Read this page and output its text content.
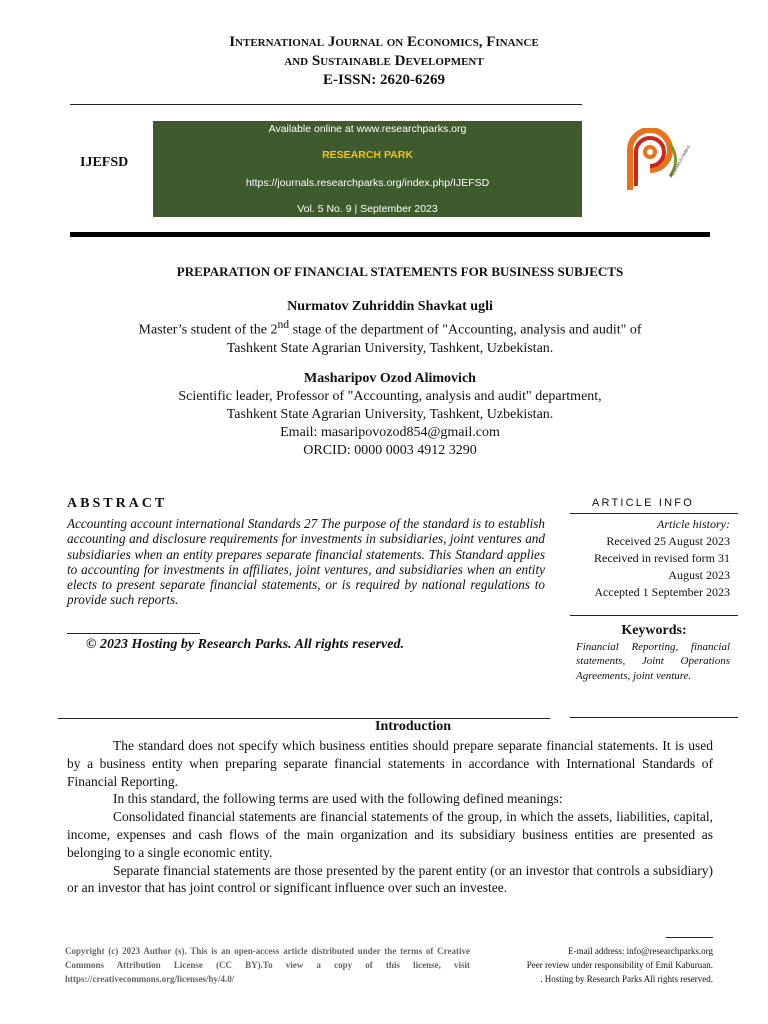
International Journal on Economics, Finance
and Sustainable Development
E-ISSN: 2620-6269
IJEFSD
Available online at www.researchparks.org
RESEARCH PARK
https://journals.researchparks.org/index.php/IJEFSD
Vol. 5 No. 9 | September 2023
RESEARCH PARKS
PREPARATION OF FINANCIAL STATEMENTS FOR BUSINESS SUBJECTS
Nurmatov Zuhriddin Shavkat ugli
Master’s student of the 2nd stage of the department of "Accounting, analysis and audit" of
Tashkent State Agrarian University, Tashkent, Uzbekistan.
Masharipov Ozod Alimovich
Scientific leader, Professor of "Accounting, analysis and audit" department,
Tashkent State Agrarian University, Tashkent, Uzbekistan.
Email: masaripovozod854@gmail.com
ORCID: 0000 0003 4912 3290
ABSTRACT
Accounting account international Standards 27 The purpose of the standard is to establish accounting and disclosure requirements for investments in subsidiaries, joint ventures and subsidiaries when an entity prepares separate financial statements. This Standard applies to accounting for investments in affiliates, joint ventures, and subsidiaries when an entity elects to present separate financial statements, or is required by national regulations to provide such reports.
© 2023 Hosting by Research Parks. All rights reserved.
ARTICLE INFO
Article history:
Received 25 August 2023
Received in revised form 31
August 2023
Accepted 1 September 2023
Keywords:
Financial Reporting, financial statements, Joint Operations Agreements, joint venture.
Introduction

The standard does not specify which business entities should prepare separate financial statements. It is used by a business entity when preparing separate financial statements in accordance with International Standards of Financial Reporting.

In this standard, the following terms are used with the following defined meanings:

Consolidated financial statements are financial statements of the group, in which the assets, liabilities, capital, income, expenses and cash flows of the main organization and its subsidiary business entities are presented as belonging to a single economic entity.

Separate financial statements are those presented by the parent entity (or an investor that controls a subsidiary) or an investor that has joint control or significant influence over such an investee.

Copyright (c) 2023 Author (s). This is an open-access article distributed under the terms of Creative Commons Attribution License (CC BY).To view a copy of this license, visit https://creativecommons.org/licenses/by/4.0/
E-mail address: info@researchparks.org
Peer review under responsibility of Emil Kaburuan.
. Hosting by Research Parks All rights reserved.
